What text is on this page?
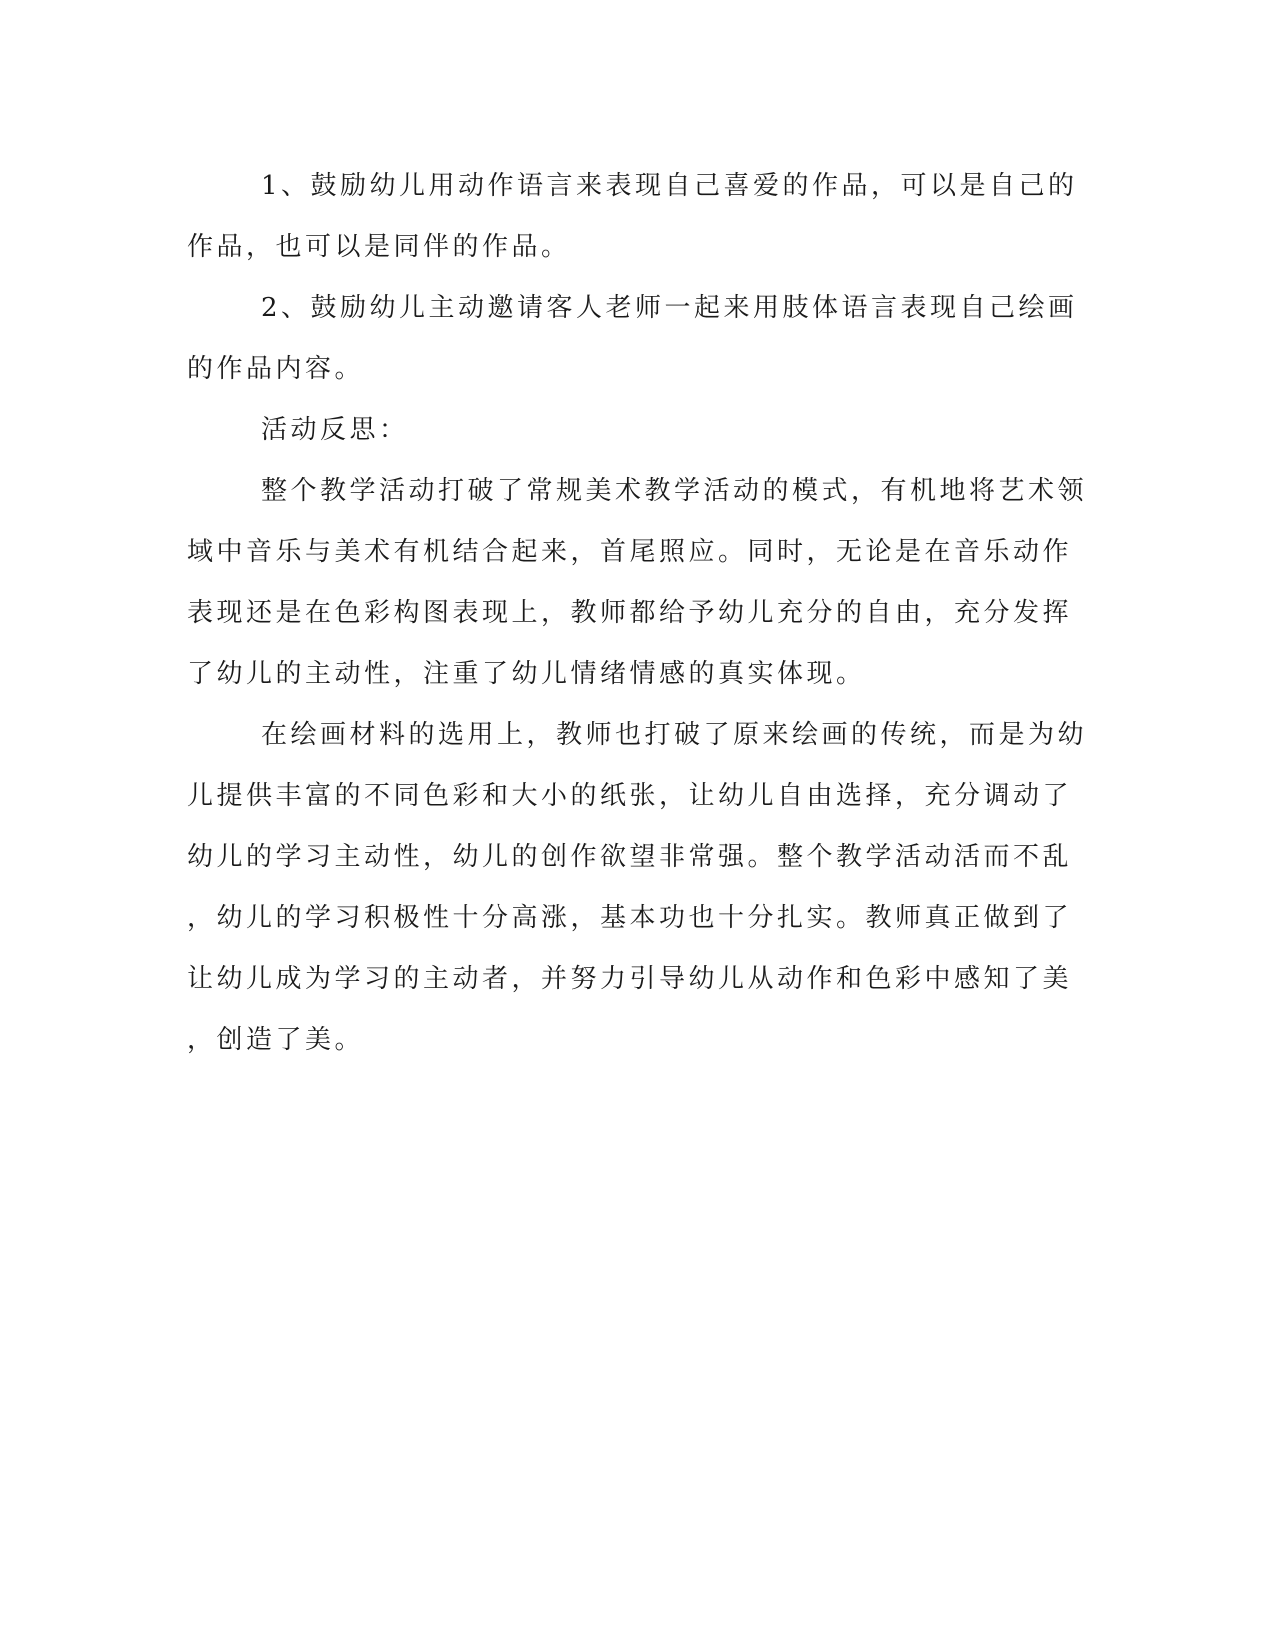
1、鼓励幼儿用动作语言来表现自己喜爱的作品，可以是自己的
作品，也可以是同伴的作品。
2、鼓励幼儿主动邀请客人老师一起来用肢体语言表现自己绘画
的作品内容。
活动反思：
整个教学活动打破了常规美术教学活动的模式，有机地将艺术领
域中音乐与美术有机结合起来，首尾照应。同时，无论是在音乐动作
表现还是在色彩构图表现上，教师都给予幼儿充分的自由，充分发挥
了幼儿的主动性，注重了幼儿情绪情感的真实体现。
在绘画材料的选用上，教师也打破了原来绘画的传统，而是为幼
儿提供丰富的不同色彩和大小的纸张，让幼儿自由选择，充分调动了
幼儿的学习主动性，幼儿的创作欲望非常强。整个教学活动活而不乱
，幼儿的学习积极性十分高涨，基本功也十分扎实。教师真正做到了
让幼儿成为学习的主动者，并努力引导幼儿从动作和色彩中感知了美
，创造了美。
